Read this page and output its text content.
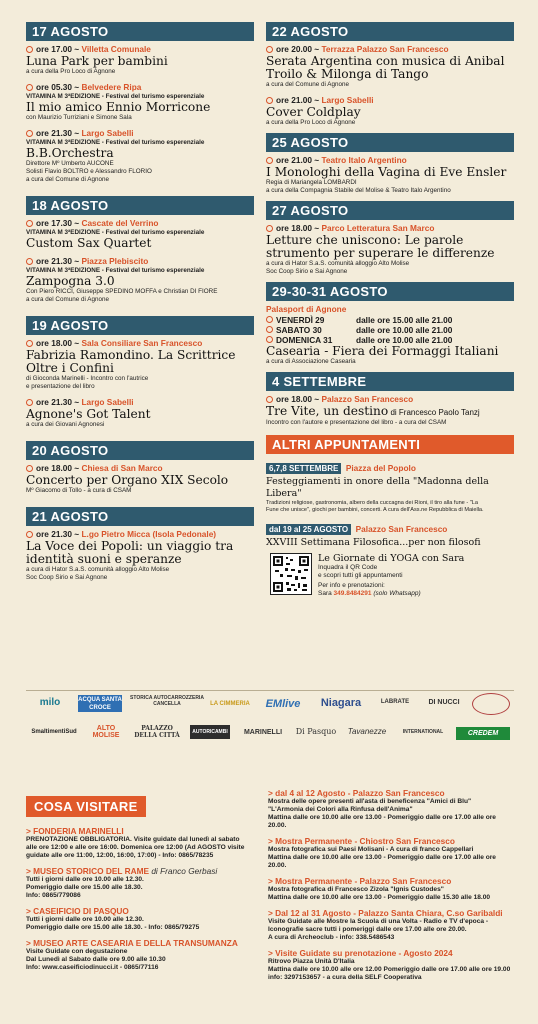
17 AGOSTO
ore 17.00 ~ Villetta Comunale
Luna Park per bambini
a cura della Pro Loco di Agnone
ore 05.30 ~ Belvedere Ripa
VITAMINA M 3ªEDIZIONE - Festival del turismo esperenziale
Il mio amico Ennio Morricone
con Maurizio Turriziani e Simone Sala
ore 21.30 ~ Largo Sabelli
VITAMINA M 3ªEDIZIONE - Festival del turismo esperenziale
B.B.Orchestra
Direttore Mº Umberto AUCONE
Solisti Flavio BOLTRO e Alessandro FLORIO
a cura del Comune di Agnone
18 AGOSTO
ore 17.30 ~ Cascate del Verrino
VITAMINA M 3ªEDIZIONE - Festival del turismo esperenziale
Custom Sax Quartet
ore 21.30 ~ Piazza Plebiscito
VITAMINA M 3ªEDIZIONE - Festival del turismo esperenziale
Zampogna 3.0
Con Piero RICCI, Giuseppe SPEDINO MOFFA e Christian DI FIORE
a cura del Comune di Agnone
19 AGOSTO
ore 18.00 ~ Sala Consiliare San Francesco
Fabrizia Ramondino. La Scrittrice Oltre i Confini
di Gioconda Marinelli - Incontro con l'autrice
e presentazione del libro
ore 21.30 ~ Largo Sabelli
Agnone's Got Talent
a cura dei Giovani Agnonesi
20 AGOSTO
ore 18.00 ~ Chiesa di San Marco
Concerto per Organo XIX Secolo
Mº Giacomo di Tollo - a cura di CSAM
21 AGOSTO
ore 21.30 ~ L.go Pietro Micca (Isola Pedonale)
La Voce dei Popoli: un viaggio tra identità suoni e speranze
a cura di Hator S.a.S. comunità alloggio Alto Molise
Soc Coop Sirio e Sai Agnone
22 AGOSTO
ore 20.00 ~ Terrazza Palazzo San Francesco
Serata Argentina con musica di Anibal Troilo & Milonga di Tango
a cura del Comune di Agnone
ore 21.00 ~ Largo Sabelli
Cover Coldplay
a cura della Pro Loco di Agnone
25 AGOSTO
ore 21.00 ~ Teatro Italo Argentino
I Monologhi della Vagina di Eve Ensler
Regia di Mariangela LOMBARDI
a cura della Compagnia Stabile del Molise & Teatro Italo Argentino
27 AGOSTO
ore 18.00 ~ Parco Letteratura San Marco
Letture che uniscono: Le parole strumento per superare le differenze
a cura di Hator S.a.S. comunità alloggio Alto Molise
Soc Coop Sirio e Sai Agnone
29-30-31 AGOSTO
Palasport di Agnone
VENERDÌ 29	dalle ore 15.00 alle 21.00
SABATO 30	dalle ore 10.00 alle 21.00
DOMENICA 31	dalle ore 10.00 alle 21.00
Casearia - Fiera dei Formaggi Italiani
a cura di Associazione Casearia
4 SETTEMBRE
ore 18.00 ~ Palazzo San Francesco
Tre Vite, un destino di Francesco Paolo Tanzj
Incontro con l'autore e presentazione del libro - a cura del CSAM
ALTRI APPUNTAMENTI
6,7,8 SETTEMBRE Piazza del Popolo
Festeggiamenti in onore della "Madonna della Libera"
Tradizioni religiose, gastronomia, albero della cuccagna dei Rioni, il tiro alla fune - "La
Fune che unisce", giochi per bambini, concerti. A cura dell'Ass.ne Repubblica di Maiella.
dal 19 al 25 AGOSTO Palazzo San Francesco
XXVIII Settimana Filosofica...per non filosofi
Le Giornate di YOGA con Sara
Inquadra il QR Code
e scopri tutti gli appuntamenti
Per info e prenotazioni:
Sara 349.8484291 (solo Whatsapp)
milo	ACQUA SANTA CROCE
STORICA AUTOCARROZZERIA CANCELLA	LA CIMMERIA	EMlive	Niagara	LABRATE	DI NUCCI
SmaltimentiSud	ALTO MOLISE
PALAZZO DELLA CITTÀ	AUTORICAMBI	MARINELLI	Di Pasquo	Tavanezze	INTERNATIONAL	CREDEM
COSA VISITARE
> FONDERIA MARINELLI
PRENOTAZIONE OBBLIGATORIA. Visite guidate dal lunedì al sabato
alle ore 12:00 e alle ore 16:00. Domenica ore 12:00 (Ad AGOSTO visite
guidate alle ore 11:00, 12:00, 16:00, 17:00) - Info: 0865/78235
> MUSEO STORICO DEL RAME di Franco Gerbasi
Tutti i giorni dalle ore 10.00 alle 12.30.
Pomeriggio dalle ore 15.00 alle 18.30.
Info: 0865/779086
> CASEIFICIO DI PASQUO
Tutti i giorni dalle ore 10.00 alle 12.30.
Pomeriggio dalle ore 15.00 alle 18.30. - Info: 0865/79275
> MUSEO ARTE CASEARIA E DELLA TRANSUMANZA
Visite Guidate con degustazione
Dal Lunedì al Sabato dalle ore 9.00 alle 10.30
Info: www.caseificiodinucci.it - 0865/77116
> dal 4 al 12 Agosto - Palazzo San Francesco
Mostra delle opere presenti all'asta di beneficenza "Amici di Blu"
"L'Armonia dei Colori alla Rinfusa dell'Anima"
Mattina dalle ore 10.00 alle ore 13.00 - Pomeriggio dalle ore 17.00 alle ore 20.00.
> Mostra Permanente - Chiostro San Francesco
Mostra fotografica sui Paesi Molisani - A cura di franco Cappellari
Mattina dalle ore 10.00 alle ore 13.00 - Pomeriggio dalle ore 17.00 alle ore 20.00.
> Mostra Permanente - Palazzo San Francesco
Mostra fotografica di Francesco Zizola "Ignis Custodes"
Mattina dalle ore 10.00 alle ore 13.00 - Pomeriggio dalle 15.30 alle 18.00
> Dal 12 al 31 Agosto - Palazzo Santa Chiara, C.so Garibaldi
Visite Guidate alle Mostre la Scuola di una Volta - Radio e TV d'epoca -
Iconografie sacre tutti i pomeriggi dalle ore 17.00 alle ore 20.00.
A cura di Archeoclub - info: 338.5486543
> Visite Guidate su prenotazione - Agosto 2024
Ritrovo Piazza Unità D'Italia
Mattina dalle ore 10.00 alle ore 12.00 Pomeriggio dalle ore 17.00 alle ore 19.00
info: 3297153657 - a cura della SELF Cooperativa
